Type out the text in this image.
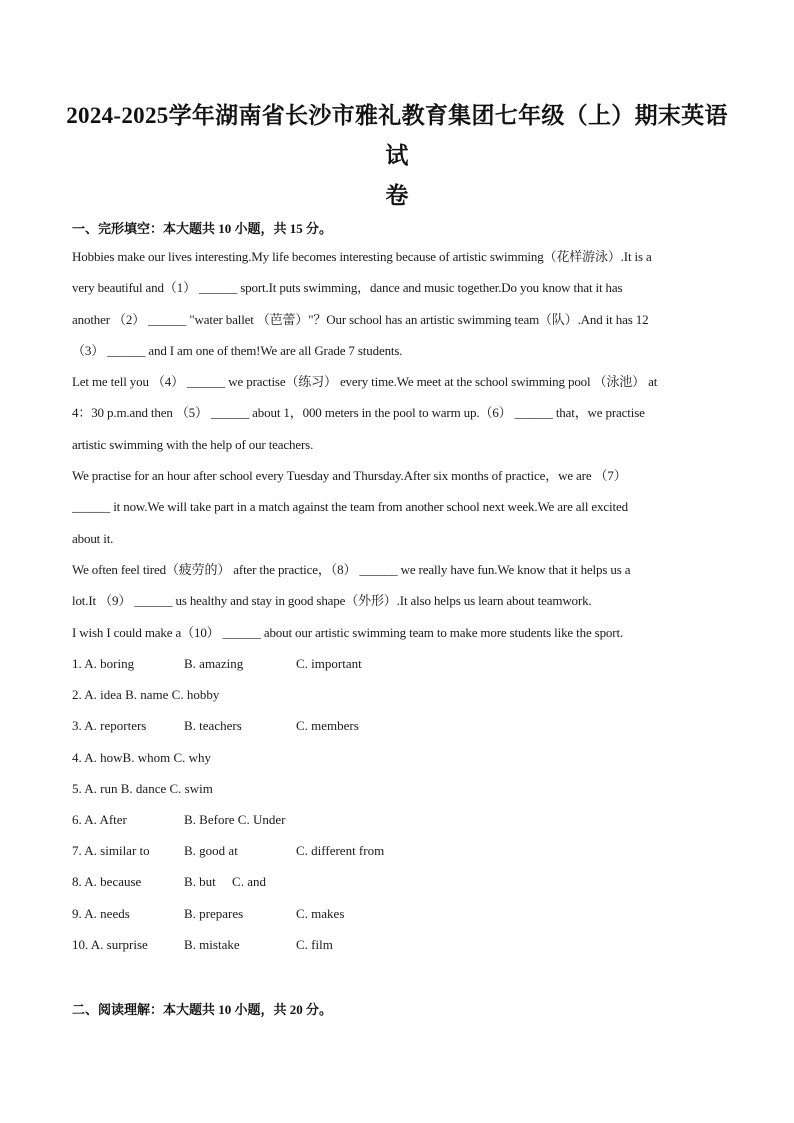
2024-2025学年湖南省长沙市雅礼教育集团七年级（上）期末英语试
卷
一、完形填空：本大题共 10 小题，共 15 分。
Hobbies make our lives interesting.My life becomes interesting because of artistic swimming（花样游泳）.It is a
very beautiful and（1） ______ sport.It puts swimming，dance and music together.Do you know that it has
another （2） ______ "water ballet （芭蕾）"？Our school has an artistic swimming team（队）.And it has 12
（3） ______ and I am one of them!We are all Grade 7 students.
Let me tell you （4） ______ we practise（练习） every time.We meet at the school swimming pool （泳池） at
4：30 p.m.and then （5） ______ about 1，000 meters in the pool to warm up.（6） ______ that，we practise
artistic swimming with the help of our teachers.
We practise for an hour after school every Tuesday and Thursday.After six months of practice，we are （7）
______ it now.We will take part in a match against the team from another school next week.We are all excited
about it.
We often feel tired（疲劳的） after the practice，（8） ______ we really have fun.We know that it helps us a
lot.It （9） ______ us healthy and stay in good shape（外形）.It also helps us learn about teamwork.
I wish I could make a（10） ______ about our artistic swimming team to make more students like the sport.
1. A. boring	B. amazing	C. important
2. A. idea B. name C. hobby
3. A. reporters	B. teachers	C. members
4. A. howB. whom C. why
5. A. run B. dance C. swim
6. A. After	B. Before C. Under
7. A. similar to	B. good at	C. different from
8. A. because	B. but     C. and
9. A. needs	B. prepares	C. makes
10. A. surprise	B. mistake	C. film
二、阅读理解：本大题共 10 小题，共 20 分。
